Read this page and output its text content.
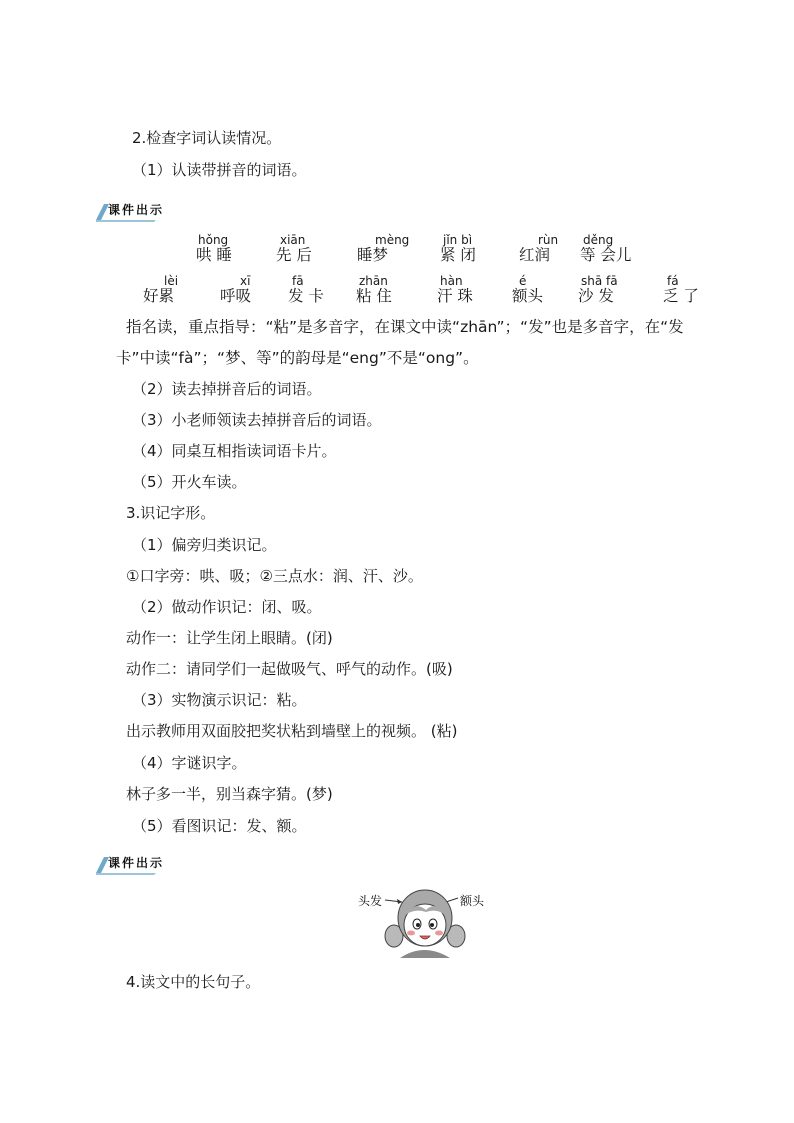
2.检查字词认读情况。
（1）认读带拼音的词语。
课件出示
hǒng
哄 睡
xiān
先 后
mèng
睡梦
jǐn bì
紧 闭
rùn
红润
děng
等 会儿
lèi
好累
xī
呼吸
fā
发 卡
zhān
粘 住
hàn
汗 珠
é
额头
shā fā
沙 发
fá
乏 了
指名读，重点指导：“粘”是多音字，在课文中读“zhān”；“发”也是多音字，在“发
卡”中读“fà”；“梦、等”的韵母是“eng”不是“ong”。
（2）读去掉拼音后的词语。
（3）小老师领读去掉拼音后的词语。
（4）同桌互相指读词语卡片。
（5）开火车读。
3.识记字形。
（1）偏旁归类识记。
①口字旁：哄、吸；②三点水：润、汗、沙。
（2）做动作识记：闭、吸。
动作一：让学生闭上眼睛。(闭)
动作二：请同学们一起做吸气、呼气的动作。(吸)
（3）实物演示识记：粘。
出示教师用双面胶把奖状粘到墙壁上的视频。 (粘)
（4）字谜识字。
林子多一半，别当森字猜。(梦)
（5）看图识记：发、额。
课件出示
头发	额头
4.读文中的长句子。
